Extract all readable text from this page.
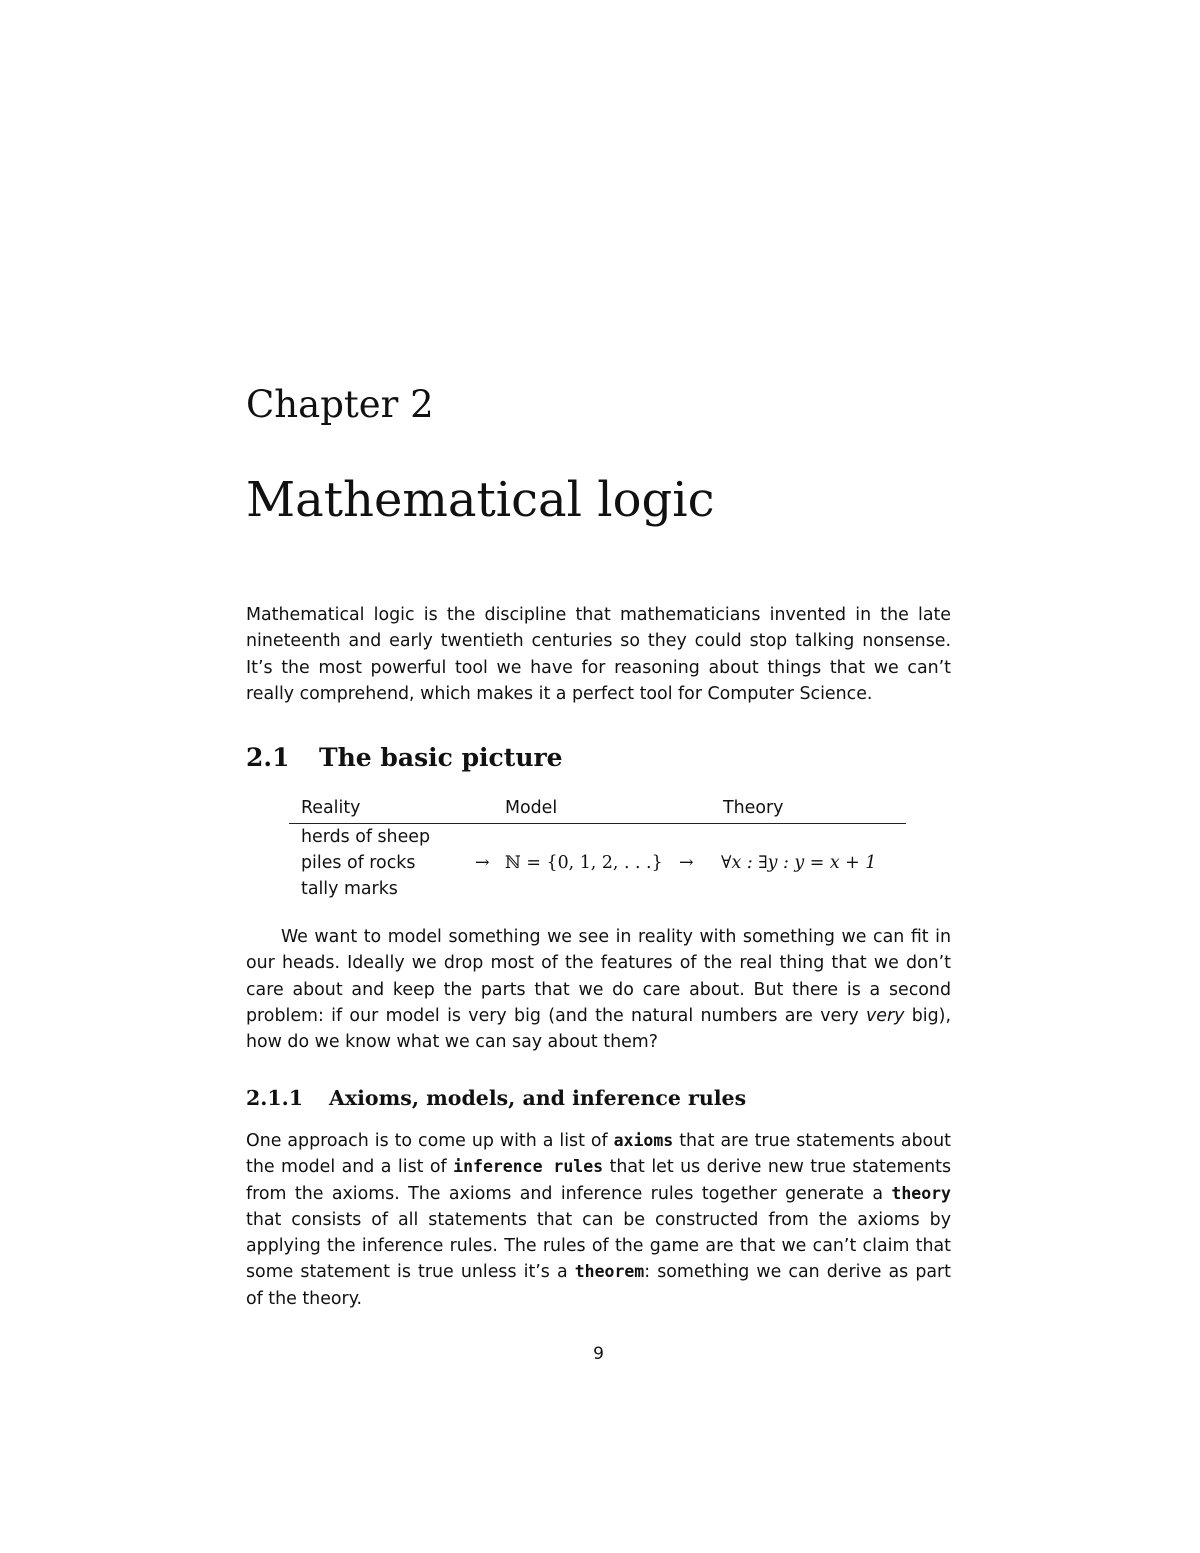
Chapter 2
Mathematical logic

Mathematical logic is the discipline that mathematicians invented in the late nineteenth and early twentieth centuries so they could stop talking nonsense. It’s the most powerful tool we have for reasoning about things that we can’t really comprehend, which makes it a perfect tool for Computer Science.

2.1 The basic picture
Reality	Model	Theory
herds of sheep
piles of rocks
tally marks
→ ℕ = {0, 1, 2, . . .} → ∀x : ∃y : y = x + 1

We want to model something we see in reality with something we can fit in our heads. Ideally we drop most of the features of the real thing that we don’t care about and keep the parts that we do care about. But there is a second problem: if our model is very big (and the natural numbers are very very big), how do we know what we can say about them?

2.1.1 Axioms, models, and inference rules

One approach is to come up with a list of axioms that are true statements about the model and a list of inference rules that let us derive new true statements from the axioms. The axioms and inference rules together generate a theory that consists of all statements that can be constructed from the axioms by applying the inference rules. The rules of the game are that we can’t claim that some statement is true unless it’s a theorem: something we can derive as part of the theory.

9
